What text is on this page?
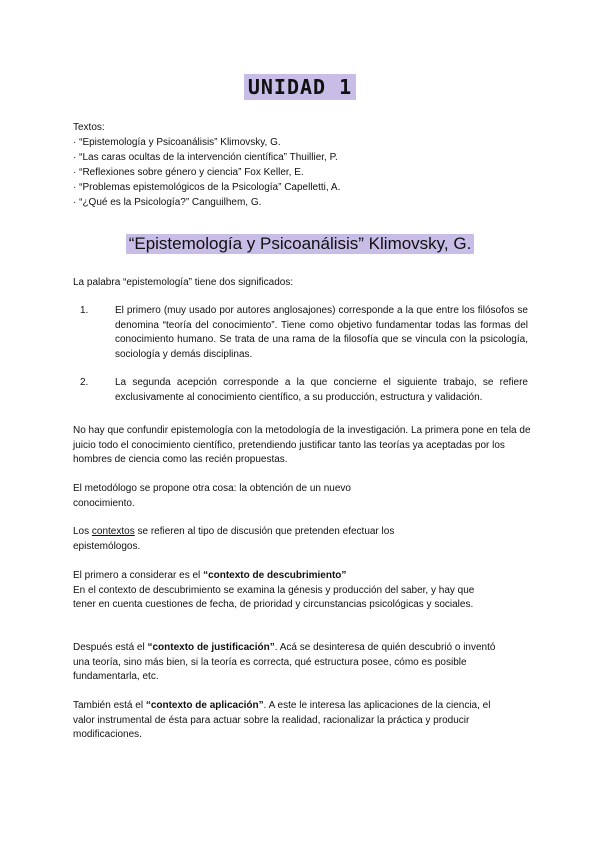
UNIDAD 1
Textos:
· “Epistemología y Psicoanálisis” Klimovsky, G.
· “Las caras ocultas de la intervención científica” Thuillier, P.
· “Reflexiones sobre género y ciencia” Fox Keller, E.
· “Problemas epistemológicos de la Psicología” Capelletti, A.
· “¿Qué es la Psicología?” Canguilhem, G.
“Epistemología y Psicoanálisis” Klimovsky, G.
La palabra “epistemología” tiene dos significados:
1.	El primero (muy usado por autores anglosajones) corresponde a la que entre los filósofos se denomina “teoría del conocimiento”. Tiene como objetivo fundamentar todas las formas del conocimiento humano. Se trata de una rama de la filosofía que se vincula con la psicología, sociología y demás disciplinas.
2.	La segunda acepción corresponde a la que concierne el siguiente trabajo, se refiere exclusivamente al conocimiento científico, a su producción, estructura y validación.
No hay que confundir epistemología con la metodología de la investigación. La primera pone en tela de juicio todo el conocimiento científico, pretendiendo justificar tanto las teorías ya aceptadas por los hombres de ciencia como las recién propuestas.
El metodólogo se propone otra cosa: la obtención de un nuevo conocimiento.
Los contextos se refieren al tipo de discusión que pretenden efectuar los epistemólogos.
El primero a considerar es el “contexto de descubrimiento”
En el contexto de descubrimiento se examina la génesis y producción del saber, y hay que tener en cuenta cuestiones de fecha, de prioridad y circunstancias psicológicas y sociales.
Después está el “contexto de justificación”. Acá se desinteresa de quién descubrió o inventó una teoría, sino más bien, si la teoría es correcta, qué estructura posee, cómo es posible fundamentarla, etc.
También está el “contexto de aplicación”. A este le interesa las aplicaciones de la ciencia, el valor instrumental de ésta para actuar sobre la realidad, racionalizar la práctica y producir modificaciones.
